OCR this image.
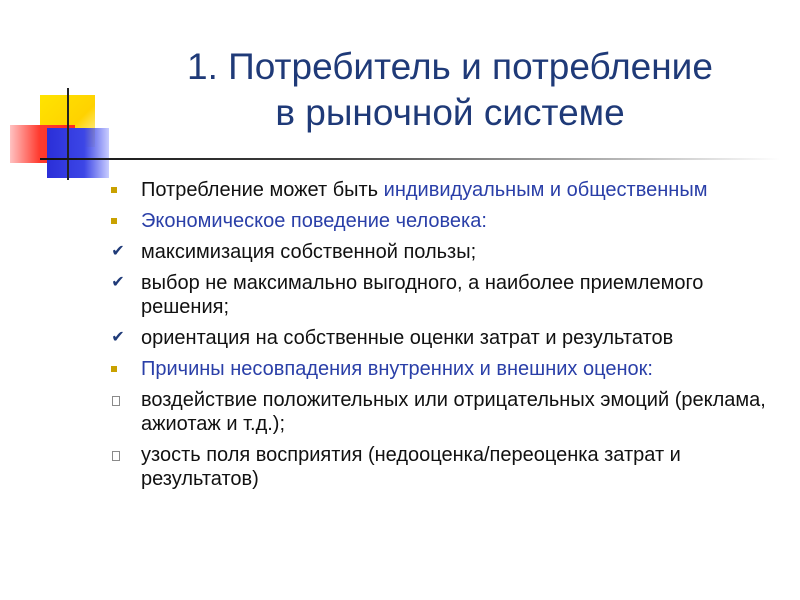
1. Потребитель и потребление
в рыночной системе
Потребление может быть индивидуальным и общественным
Экономическое поведение человека:
✔ максимизация собственной пользы;
✔ выбор не максимально выгодного, а наиболее приемлемого решения;
✔ ориентация на собственные оценки затрат и результатов
Причины несовпадения внутренних и внешних оценок:
воздействие положительных или отрицательных эмоций (реклама, ажиотаж и т.д.);
узость поля восприятия (недооценка/переоценка затрат и результатов)
